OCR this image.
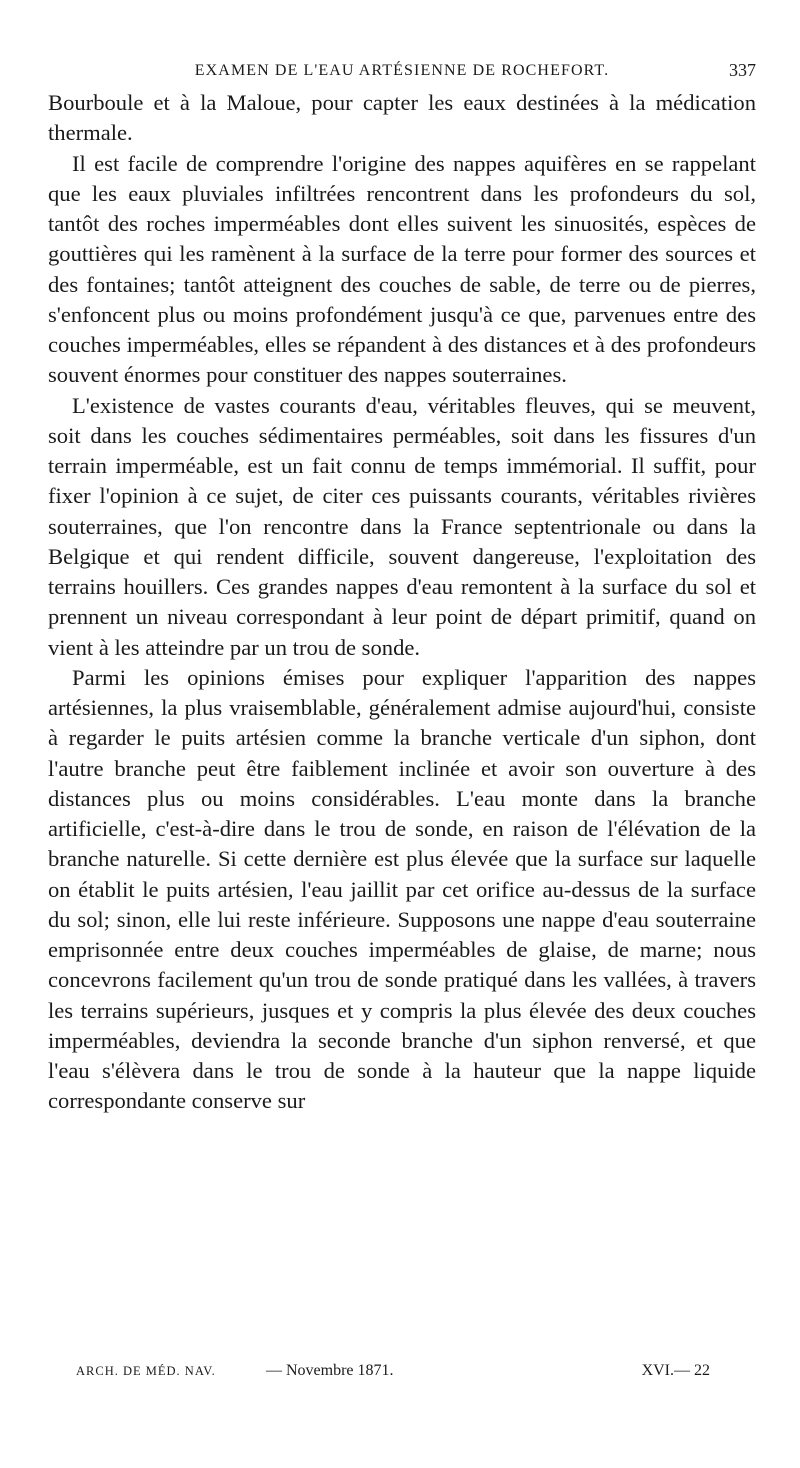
EXAMEN DE L'EAU ARTÉSIENNE DE ROCHEFORT.	337

Bourboule et à la Maloue, pour capter les eaux destinées à la médication thermale.

Il est facile de comprendre l'origine des nappes aquifères en se rappelant que les eaux pluviales infiltrées rencontrent dans les profondeurs du sol, tantôt des roches imperméables dont elles suivent les sinuosités, espèces de gouttières qui les ramènent à la surface de la terre pour former des sources et des fontaines; tantôt atteignent des couches de sable, de terre ou de pierres, s'enfoncent plus ou moins profondément jusqu'à ce que, parvenues entre des couches imperméables, elles se répandent à des distances et à des profondeurs souvent énormes pour constituer des nappes souterraines.

L'existence de vastes courants d'eau, véritables fleuves, qui se meuvent, soit dans les couches sédimentaires perméables, soit dans les fissures d'un terrain imperméable, est un fait connu de temps immémorial. Il suffit, pour fixer l'opinion à ce sujet, de citer ces puissants courants, véritables rivières souterraines, que l'on rencontre dans la France septentrionale ou dans la Belgique et qui rendent difficile, souvent dangereuse, l'exploitation des terrains houillers. Ces grandes nappes d'eau remontent à la surface du sol et prennent un niveau correspondant à leur point de départ primitif, quand on vient à les atteindre par un trou de sonde.

Parmi les opinions émises pour expliquer l'apparition des nappes artésiennes, la plus vraisemblable, généralement admise aujourd'hui, consiste à regarder le puits artésien comme la branche verticale d'un siphon, dont l'autre branche peut être faiblement inclinée et avoir son ouverture à des distances plus ou moins considérables. L'eau monte dans la branche artificielle, c'est-à-dire dans le trou de sonde, en raison de l'élévation de la branche naturelle. Si cette dernière est plus élevée que la surface sur laquelle on établit le puits artésien, l'eau jaillit par cet orifice au-dessus de la surface du sol; sinon, elle lui reste inférieure. Supposons une nappe d'eau souterraine emprisonnée entre deux couches imperméables de glaise, de marne; nous concevrons facilement qu'un trou de sonde pratiqué dans les vallées, à travers les terrains supérieurs, jusques et y compris la plus élevée des deux couches imperméables, deviendra la seconde branche d'un siphon renversé, et que l'eau s'élèvera dans le trou de sonde à la hauteur que la nappe liquide correspondante conserve sur

ARCH. DE MÉD. NAV.	— Novembre 1871.	XVI.— 22
